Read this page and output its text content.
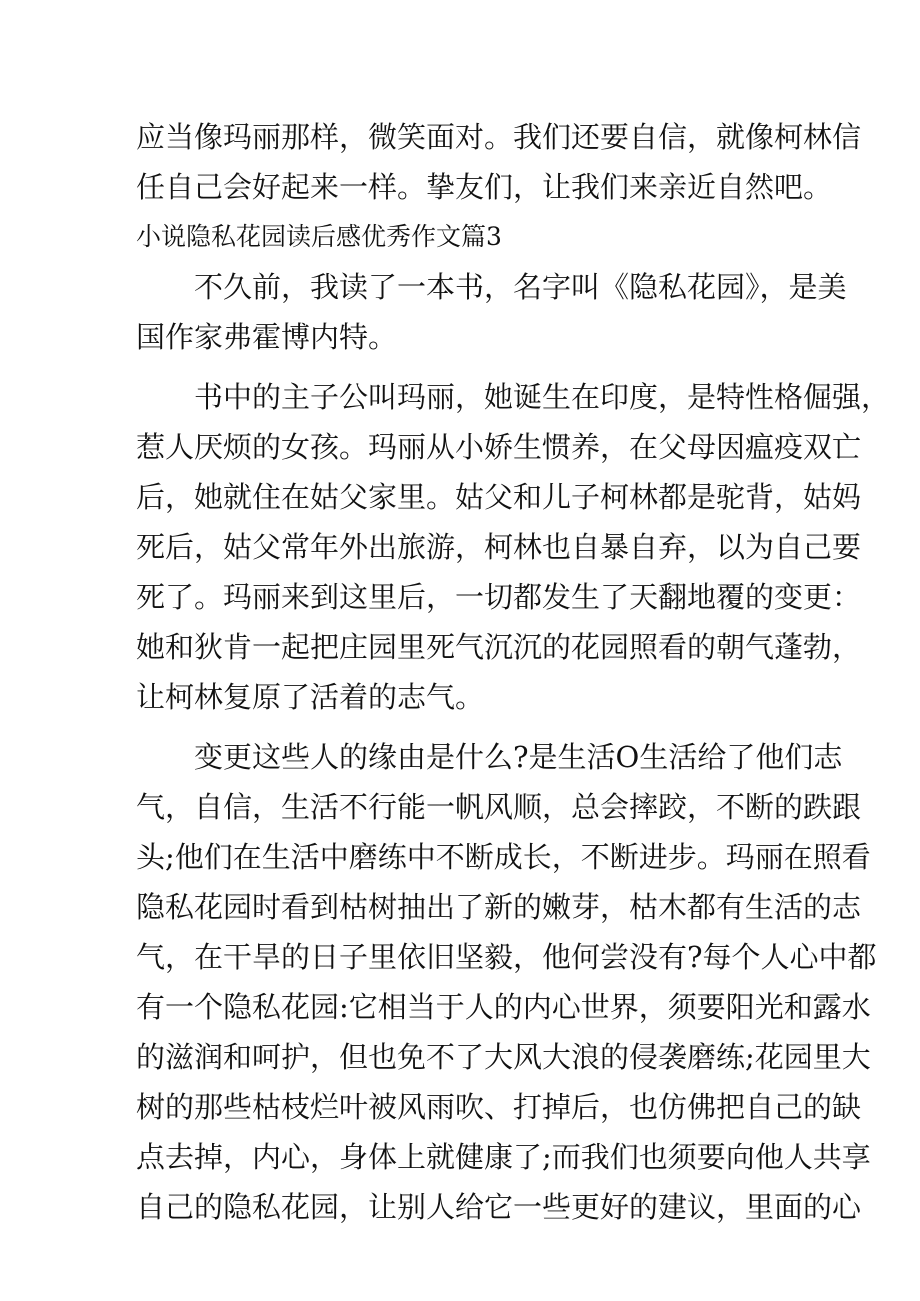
应当像玛丽那样，微笑面对。我们还要自信，就像柯林信
任自己会好起来一样。挚友们，让我们来亲近自然吧。
小说隐私花园读后感优秀作文篇3
不久前，我读了一本书，名字叫《隐私花园》，是美
国作家弗霍博内特。
书中的主子公叫玛丽，她诞生在印度，是特性格倔强，
惹人厌烦的女孩。玛丽从小娇生惯养，在父母因瘟疫双亡
后，她就住在姑父家里。姑父和儿子柯林都是驼背，姑妈
死后，姑父常年外出旅游，柯林也自暴自弃，以为自己要
死了。玛丽来到这里后，一切都发生了天翻地覆的变更：
她和狄肯一起把庄园里死气沉沉的花园照看的朝气蓬勃，
让柯林复原了活着的志气。
变更这些人的缘由是什么?是生活O生活给了他们志
气，自信，生活不行能一帆风顺，总会摔跤，不断的跌跟
头;他们在生活中磨练中不断成长，不断进步。玛丽在照看
隐私花园时看到枯树抽出了新的嫩芽，枯木都有生活的志
气，在干旱的日子里依旧坚毅，他何尝没有?每个人心中都
有一个隐私花园:它相当于人的内心世界，须要阳光和露水
的滋润和呵护，但也免不了大风大浪的侵袭磨练;花园里大
树的那些枯枝烂叶被风雨吹、打掉后，也仿佛把自己的缺
点去掉，内心，身体上就健康了;而我们也须要向他人共享
自己的隐私花园，让别人给它一些更好的建议，里面的心
